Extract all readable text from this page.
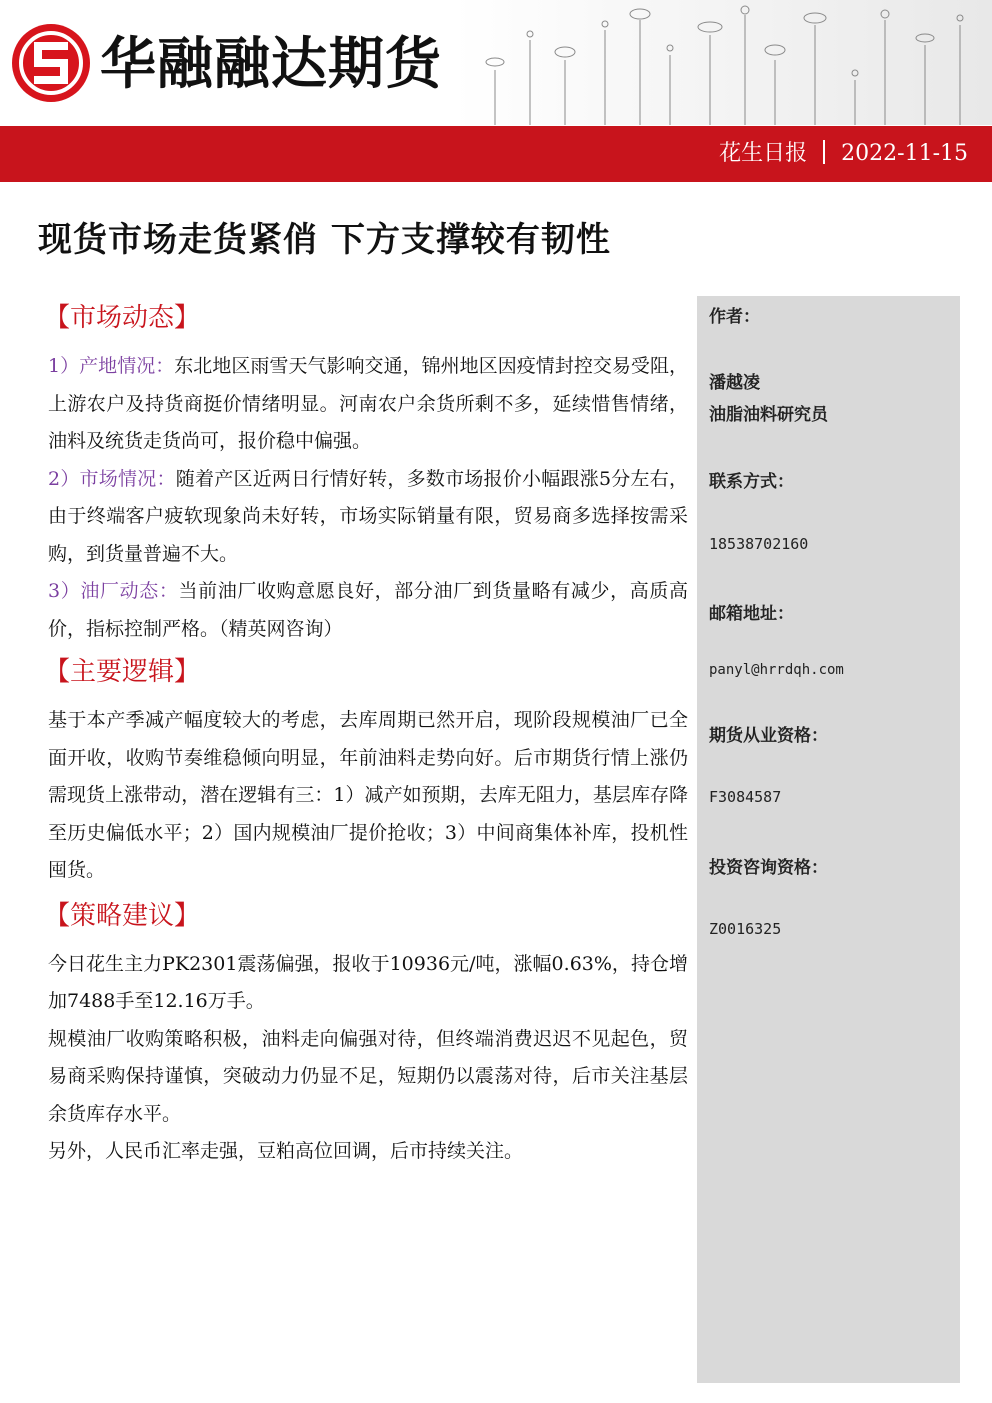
华融融达期货
花生日报 2022-11-15
现货市场走货紧俏 下方支撑较有韧性
【市场动态】

1）产地情况：东北地区雨雪天气影响交通，锦州地区因疫情封控交易受阻，上游农户及持货商挺价情绪明显。河南农户余货所剩不多，延续惜售情绪，油料及统货走货尚可，报价稳中偏强。

2）市场情况：随着产区近两日行情好转，多数市场报价小幅跟涨5分左右，由于终端客户疲软现象尚未好转，市场实际销量有限，贸易商多选择按需采购，到货量普遍不大。

3）油厂动态：当前油厂收购意愿良好，部分油厂到货量略有减少，高质高价，指标控制严格。（精英网咨询）

【主要逻辑】

基于本产季减产幅度较大的考虑，去库周期已然开启，现阶段规模油厂已全面开收，收购节奏维稳倾向明显，年前油料走势向好。后市期货行情上涨仍需现货上涨带动，潜在逻辑有三：1）减产如预期，去库无阻力，基层库存降至历史偏低水平；2）国内规模油厂提价抢收；3）中间商集体补库，投机性囤货。

【策略建议】

今日花生主力PK2301震荡偏强，报收于10936元/吨，涨幅0.63%，持仓增加7488手至12.16万手。

规模油厂收购策略积极，油料走向偏强对待，但终端消费迟迟不见起色，贸易商采购保持谨慎，突破动力仍显不足，短期仍以震荡对待，后市关注基层余货库存水平。

另外，人民币汇率走强，豆粕高位回调，后市持续关注。

作者：
潘越凌
油脂油料研究员
联系方式：
18538702160
邮箱地址：
panyl@hrrdqh.com
期货从业资格：
F3084587
投资咨询资格：
Z0016325
